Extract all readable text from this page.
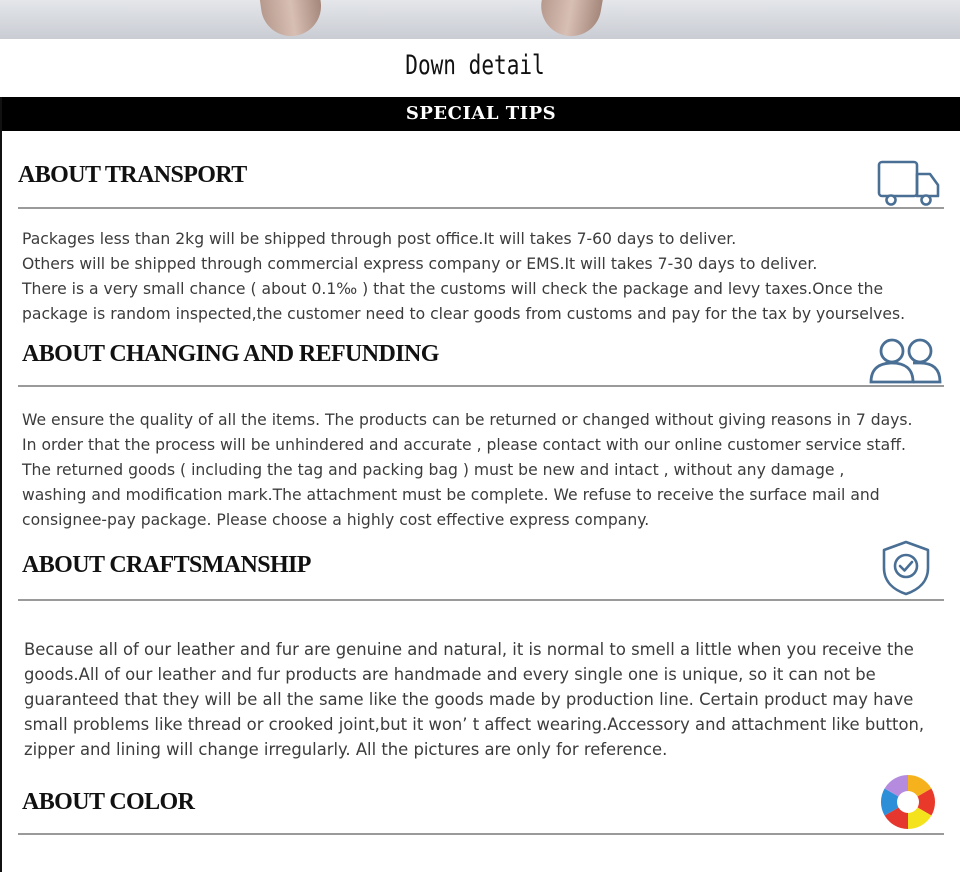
Down detail
SPECIAL TIPS
ABOUT TRANSPORT
Packages less than 2kg will be shipped through post office.It will takes 7-60 days to deliver.
Others will be shipped through commercial express company or EMS.It will takes 7-30 days to deliver.
There is a very small chance ( about 0.1‰ ) that the customs will check the package and levy taxes.Once the
package is random inspected,the customer need to clear goods from customs and pay for the tax by yourselves.
ABOUT CHANGING AND REFUNDING
We ensure the quality of all the items. The products can be returned or changed without giving reasons in 7 days.
In order that the process will be unhindered and accurate , please contact with our online customer service staff.
The returned goods ( including the tag and packing bag ) must be new and intact , without any damage ,
washing and modification mark.The attachment must be complete. We refuse to receive the surface mail and
consignee-pay package. Please choose a highly cost effective express company.
ABOUT CRAFTSMANSHIP
Because all of our leather and fur are genuine and natural, it is normal to smell a little when you receive the
goods.All of our leather and fur products are handmade and every single one is unique, so it can not be
guaranteed that they will be all the same like the goods made by production line. Certain product may have
small problems like thread or crooked joint,but it won’ t affect wearing.Accessory and attachment like button,
zipper and lining will change irregularly. All the pictures are only for reference.
ABOUT COLOR
